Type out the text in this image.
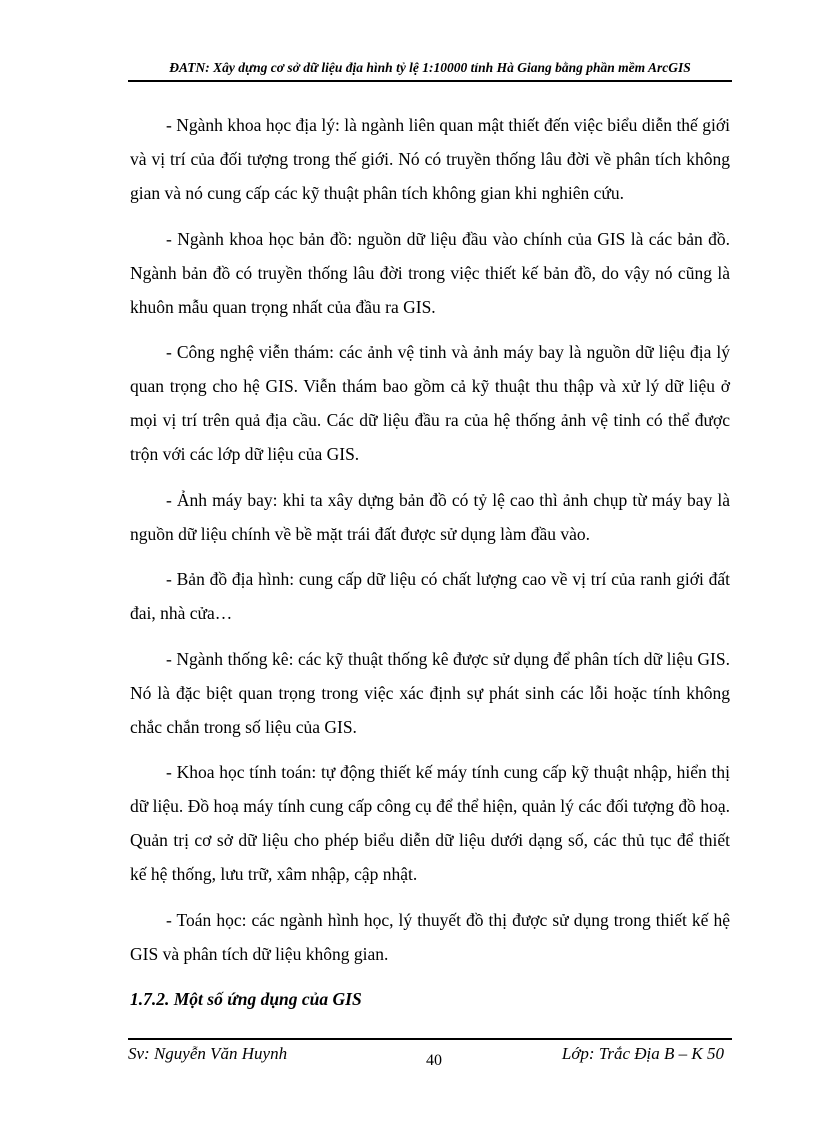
ĐATN: Xây dựng cơ sở dữ liệu địa hình tỷ lệ 1:10000 tỉnh Hà Giang bằng phần mềm ArcGIS

- Ngành khoa học địa lý: là ngành liên quan mật thiết đến việc biểu diễn thế giới và vị trí của đối tượng trong thế giới. Nó có truyền thống lâu đời về phân tích không gian và nó cung cấp các kỹ thuật phân tích không gian khi nghiên cứu.

- Ngành khoa học bản đồ: nguồn dữ liệu đầu vào chính của GIS là các bản đồ. Ngành bản đồ có truyền thống lâu đời trong việc thiết kế bản đồ, do vậy nó cũng là khuôn mẫu quan trọng nhất của đầu ra GIS.

- Công nghệ viễn thám: các ảnh vệ tinh và ảnh máy bay là nguồn dữ liệu địa lý quan trọng cho hệ GIS. Viễn thám bao gồm cả kỹ thuật thu thập và xử lý dữ liệu ở mọi vị trí trên quả địa cầu. Các dữ liệu đầu ra của hệ thống ảnh vệ tinh có thể được trộn với các lớp dữ liệu của GIS.

- Ảnh máy bay: khi ta xây dựng bản đồ có tỷ lệ cao thì ảnh chụp từ máy bay là nguồn dữ liệu chính về bề mặt trái đất được sử dụng làm đầu vào.

- Bản đồ địa hình: cung cấp dữ liệu có chất lượng cao về vị trí của ranh giới đất đai, nhà cửa…

- Ngành thống kê: các kỹ thuật thống kê được sử dụng để phân tích dữ liệu GIS. Nó là đặc biệt quan trọng trong việc xác định sự phát sinh các lỗi hoặc tính không chắc chắn trong số liệu của GIS.

- Khoa học tính toán: tự động thiết kế máy tính cung cấp kỹ thuật nhập, hiển thị dữ liệu. Đồ hoạ máy tính cung cấp công cụ để thể hiện, quản lý các đối tượng đồ hoạ. Quản trị cơ sở dữ liệu cho phép biểu diễn dữ liệu dưới dạng số, các thủ tục để thiết kế hệ thống, lưu trữ, xâm nhập, cập nhật.

- Toán học: các ngành hình học, lý thuyết đồ thị được sử dụng trong thiết kế hệ GIS và phân tích dữ liệu không gian.

1.7.2. Một số ứng dụng của GIS

Sv: Nguyễn Văn Huynh	40	Lớp: Trắc Địa B – K 50
